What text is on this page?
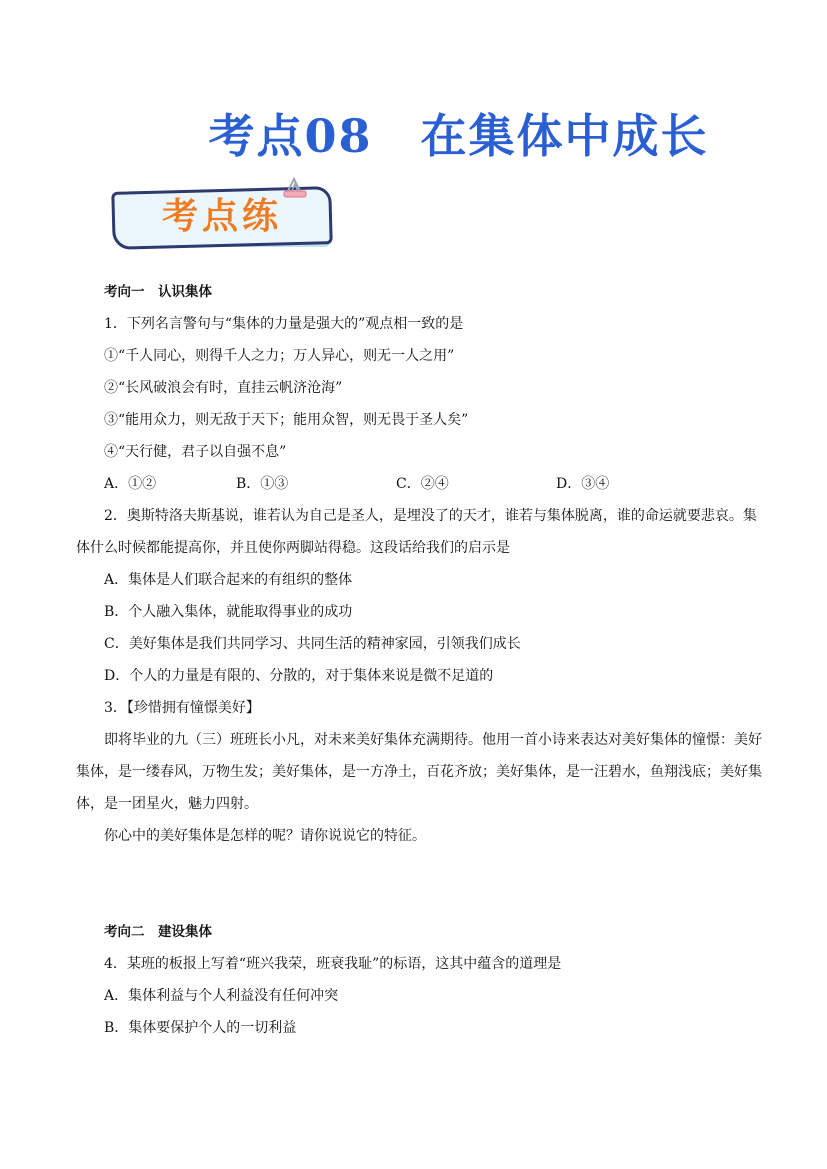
考点08　在集体中成长
考点练
考向一　认识集体
1．下列名言警句与“集体的力量是强大的”观点相一致的是
①“千人同心，则得千人之力；万人异心，则无一人之用”
②“长风破浪会有时，直挂云帆济沧海”
③“能用众力，则无敌于天下；能用众智，则无畏于圣人矣”
④“天行健，君子以自强不息”
A．①②	B．①③	C．②④	D．③④
2．奥斯特洛夫斯基说，谁若认为自己是圣人，是埋没了的天才，谁若与集体脱离，谁的命运就要悲哀。集体什么时候都能提高你，并且使你两脚站得稳。这段话给我们的启示是
A．集体是人们联合起来的有组织的整体
B．个人融入集体，就能取得事业的成功
C．美好集体是我们共同学习、共同生活的精神家园，引领我们成长
D．个人的力量是有限的、分散的，对于集体来说是微不足道的
3．【珍惜拥有憧憬美好】
即将毕业的九（三）班班长小凡，对未来美好集体充满期待。他用一首小诗来表达对美好集体的憧憬：美好集体，是一缕春风，万物生发；美好集体，是一方净土，百花齐放；美好集体，是一汪碧水，鱼翔浅底；美好集体，是一团星火，魅力四射。
你心中的美好集体是怎样的呢？请你说说它的特征。
考向二　建设集体
4．某班的板报上写着“班兴我荣，班衰我耻”的标语，这其中蕴含的道理是
A．集体利益与个人利益没有任何冲突
B．集体要保护个人的一切利益
